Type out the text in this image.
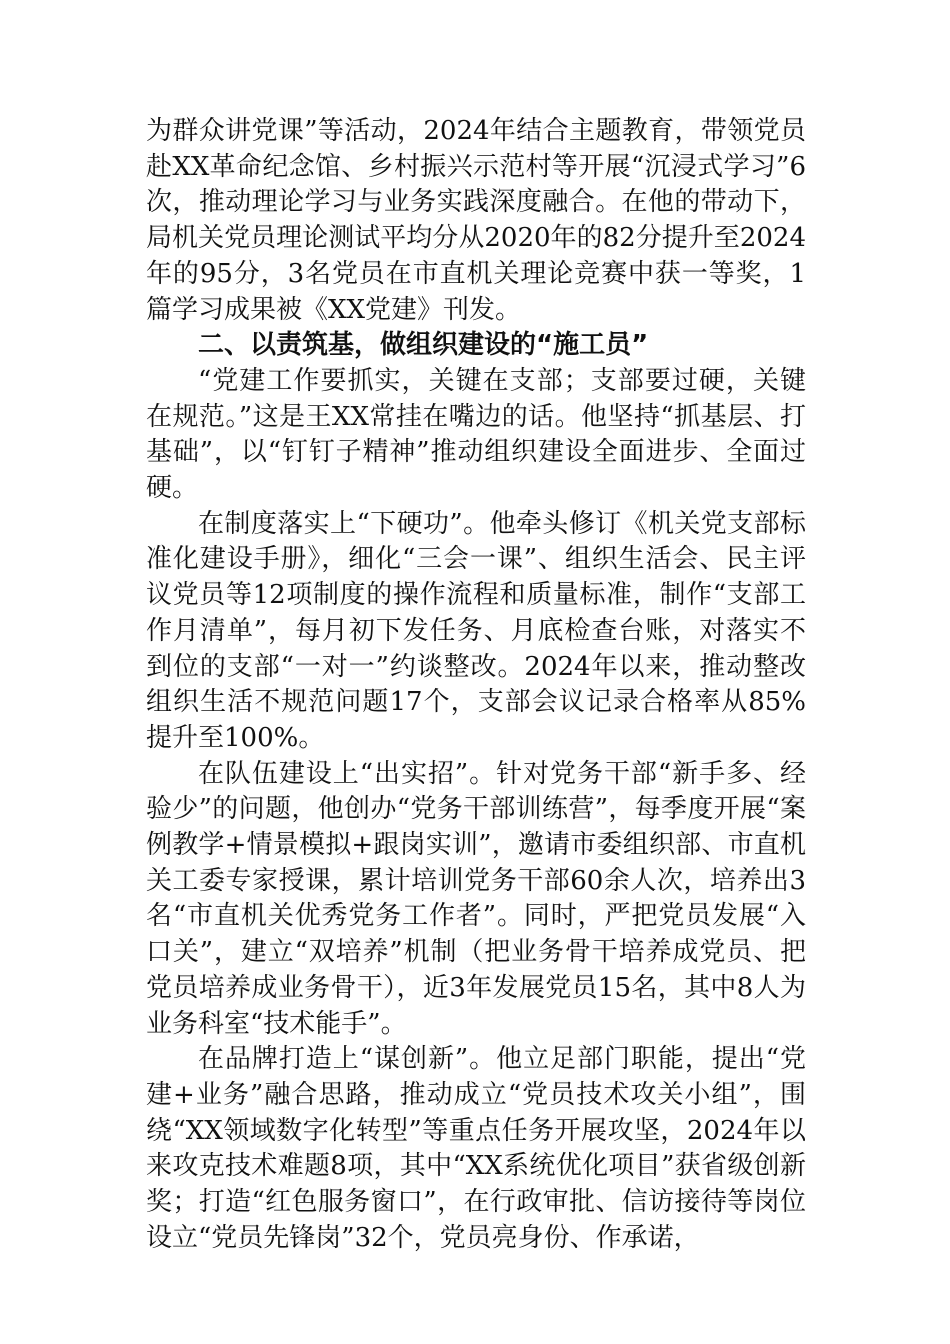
为群众讲党课”等活动，2024年结合主题教育，带领党员赴XX革命纪念馆、乡村振兴示范村等开展“沉浸式学习”6次，推动理论学习与业务实践深度融合。在他的带动下，局机关党员理论测试平均分从2020年的82分提升至2024年的95分，3名党员在市直机关理论竞赛中获一等奖，1篇学习成果被《XX党建》刊发。

二、以责筑基，做组织建设的“施工员”

“党建工作要抓实，关键在支部；支部要过硬，关键在规范。”这是王XX常挂在嘴边的话。他坚持“抓基层、打基础”，以“钉钉子精神”推动组织建设全面进步、全面过硬。

在制度落实上“下硬功”。他牵头修订《机关党支部标准化建设手册》，细化“三会一课”、组织生活会、民主评议党员等12项制度的操作流程和质量标准，制作“支部工作月清单”，每月初下发任务、月底检查台账，对落实不到位的支部“一对一”约谈整改。2024年以来，推动整改组织生活不规范问题17个，支部会议记录合格率从85%提升至100%。

在队伍建设上“出实招”。针对党务干部“新手多、经验少”的问题，他创办“党务干部训练营”，每季度开展“案例教学+情景模拟+跟岗实训”，邀请市委组织部、市直机关工委专家授课，累计培训党务干部60余人次，培养出3名“市直机关优秀党务工作者”。同时，严把党员发展“入口关”，建立“双培养”机制（把业务骨干培养成党员、把党员培养成业务骨干），近3年发展党员15名，其中8人为业务科室“技术能手”。

在品牌打造上“谋创新”。他立足部门职能，提出“党建+业务”融合思路，推动成立“党员技术攻关小组”，围绕“XX领域数字化转型”等重点任务开展攻坚，2024年以来攻克技术难题8项，其中“XX系统优化项目”获省级创新奖；打造“红色服务窗口”，在行政审批、信访接待等岗位设立“党员先锋岗”32个，党员亮身份、作承诺，
